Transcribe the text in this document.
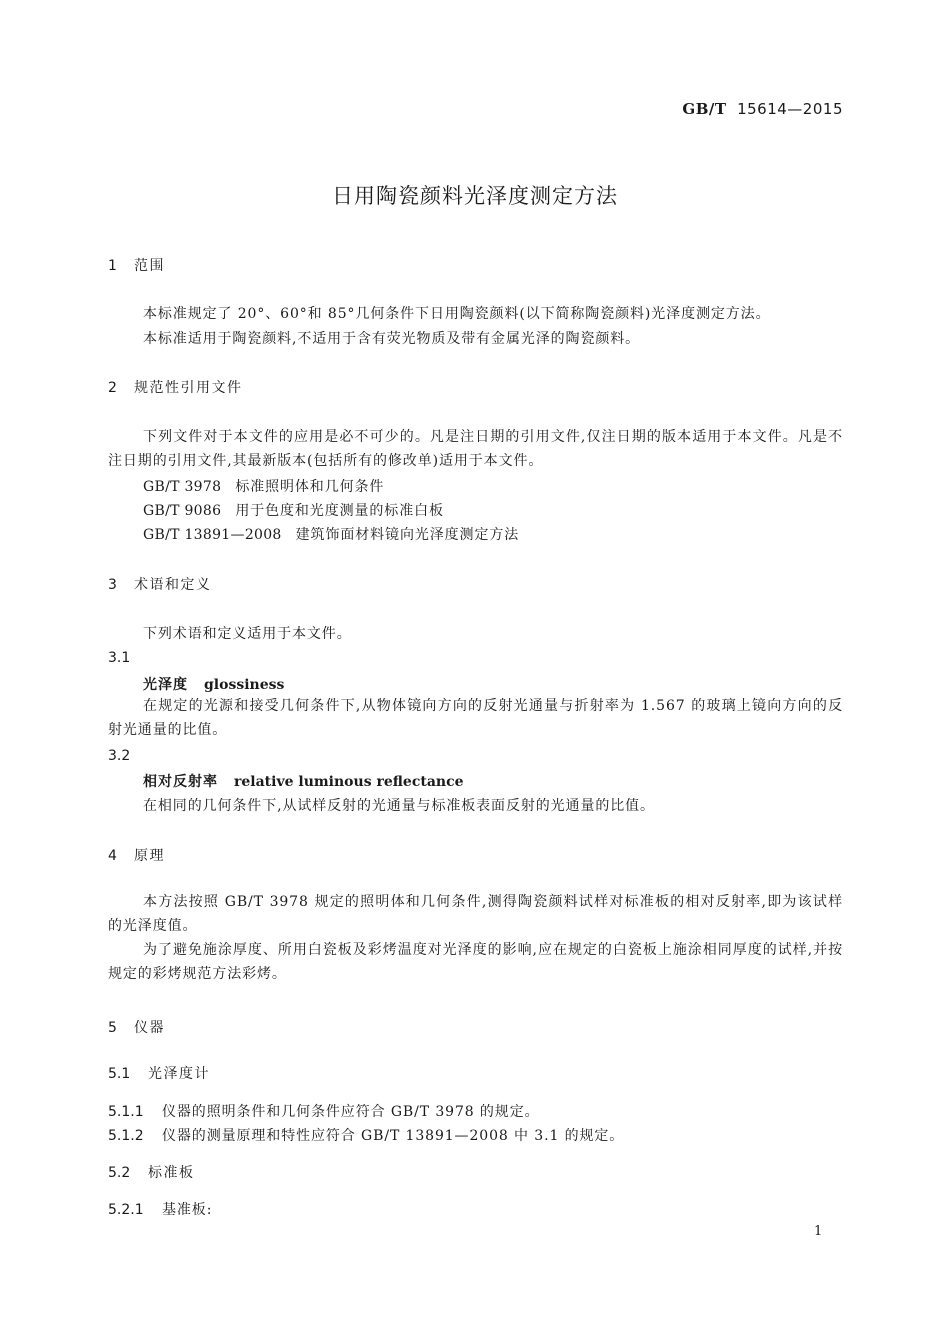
GB/T 15614—2015
日用陶瓷颜料光泽度测定方法
1 范围
本标准规定了 20°、60°和 85°几何条件下日用陶瓷颜料(以下简称陶瓷颜料)光泽度测定方法。
本标准适用于陶瓷颜料,不适用于含有荧光物质及带有金属光泽的陶瓷颜料。
2 规范性引用文件
下列文件对于本文件的应用是必不可少的。凡是注日期的引用文件,仅注日期的版本适用于本文件。凡是不注日期的引用文件,其最新版本(包括所有的修改单)适用于本文件。
GB/T 3978 标准照明体和几何条件
GB/T 9086 用于色度和光度测量的标准白板
GB/T 13891—2008 建筑饰面材料镜向光泽度测定方法
3 术语和定义
下列术语和定义适用于本文件。
3.1
光泽度 glossiness
在规定的光源和接受几何条件下,从物体镜向方向的反射光通量与折射率为 1.567 的玻璃上镜向方向的反射光通量的比值。
3.2
相对反射率 relative luminous reflectance
在相同的几何条件下,从试样反射的光通量与标准板表面反射的光通量的比值。
4 原理
本方法按照 GB/T 3978 规定的照明体和几何条件,测得陶瓷颜料试样对标准板的相对反射率,即为该试样的光泽度值。
为了避免施涂厚度、所用白瓷板及彩烤温度对光泽度的影响,应在规定的白瓷板上施涂相同厚度的试样,并按规定的彩烤规范方法彩烤。
5 仪器
5.1 光泽度计
5.1.1 仪器的照明条件和几何条件应符合 GB/T 3978 的规定。
5.1.2 仪器的测量原理和特性应符合 GB/T 13891—2008 中 3.1 的规定。
5.2 标准板
5.2.1 基准板:
1
